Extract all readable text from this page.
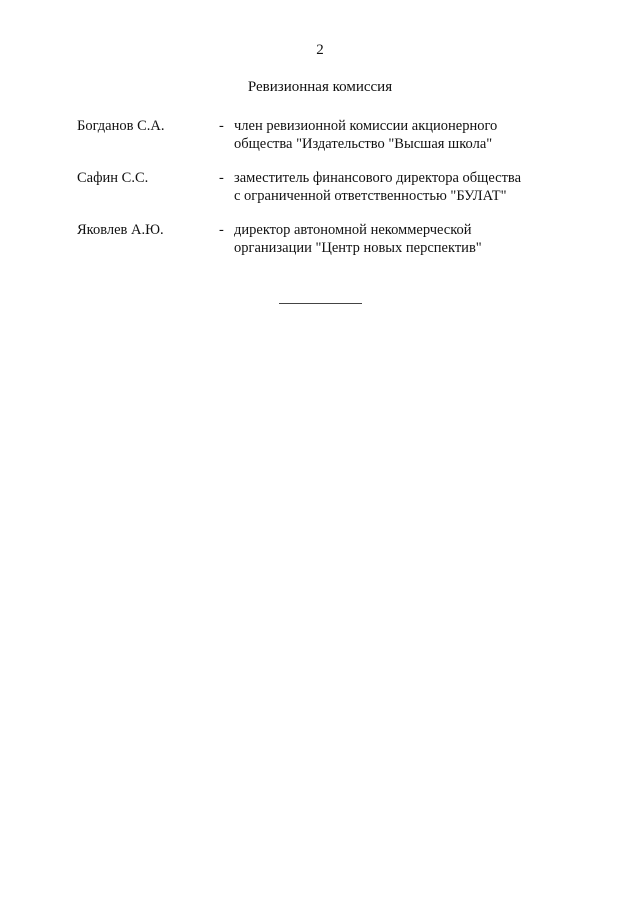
2
Ревизионная комиссия
Богданов С.А.	- член ревизионной комиссии акционерного
общества "Издательство "Высшая школа"
Сафин С.С.	- заместитель финансового директора общества
с ограниченной ответственностью "БУЛАТ"
Яковлев А.Ю.	- директор автономной некоммерческой
организации "Центр новых перспектив"
